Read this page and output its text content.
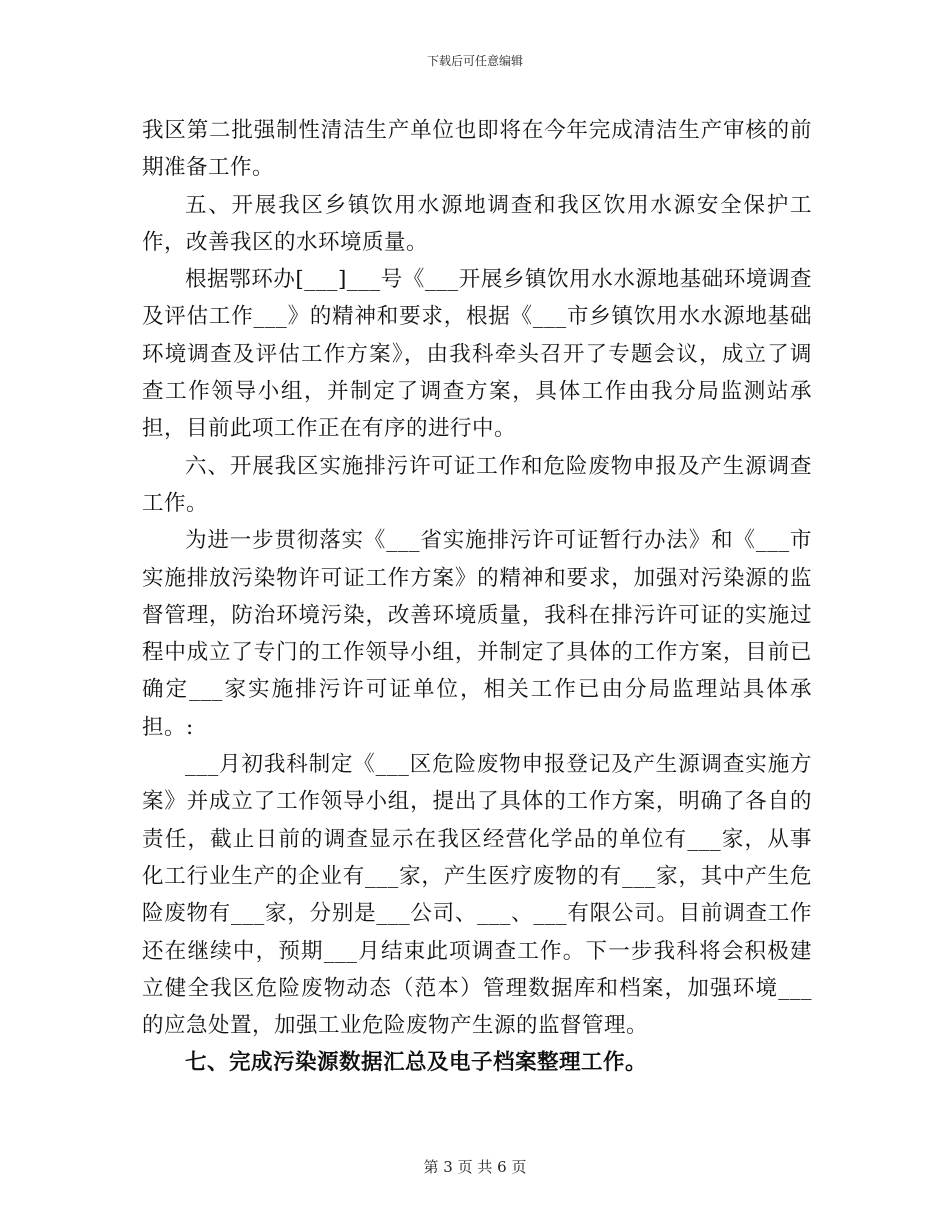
下载后可任意编辑

我区第二批强制性清洁生产单位也即将在今年完成清洁生产审核的前期准备工作。

五、开展我区乡镇饮用水源地调查和我区饮用水源安全保护工作，改善我区的水环境质量。

根据鄂环办[___]___号《___开展乡镇饮用水水源地基础环境调查及评估工作___》的精神和要求，根据《___市乡镇饮用水水源地基础环境调查及评估工作方案》，由我科牵头召开了专题会议，成立了调查工作领导小组，并制定了调查方案，具体工作由我分局监测站承担，目前此项工作正在有序的进行中。

六、开展我区实施排污许可证工作和危险废物申报及产生源调查工作。

为进一步贯彻落实《___省实施排污许可证暂行办法》和《___市实施排放污染物许可证工作方案》的精神和要求，加强对污染源的监督管理，防治环境污染，改善环境质量，我科在排污许可证的实施过程中成立了专门的工作领导小组，并制定了具体的工作方案，目前已确定___家实施排污许可证单位，相关工作已由分局监理站具体承担。:

___月初我科制定《___区危险废物申报登记及产生源调查实施方案》并成立了工作领导小组，提出了具体的工作方案，明确了各自的责任，截止日前的调查显示在我区经营化学品的单位有___家，从事化工行业生产的企业有___家，产生医疗废物的有___家，其中产生危险废物有___家，分别是___公司、___、___有限公司。目前调查工作还在继续中，预期___月结束此项调查工作。下一步我科将会积极建立健全我区危险废物动态（范本）管理数据库和档案，加强环境___的应急处置，加强工业危险废物产生源的监督管理。

七、完成污染源数据汇总及电子档案整理工作。

第 3 页 共 6 页
